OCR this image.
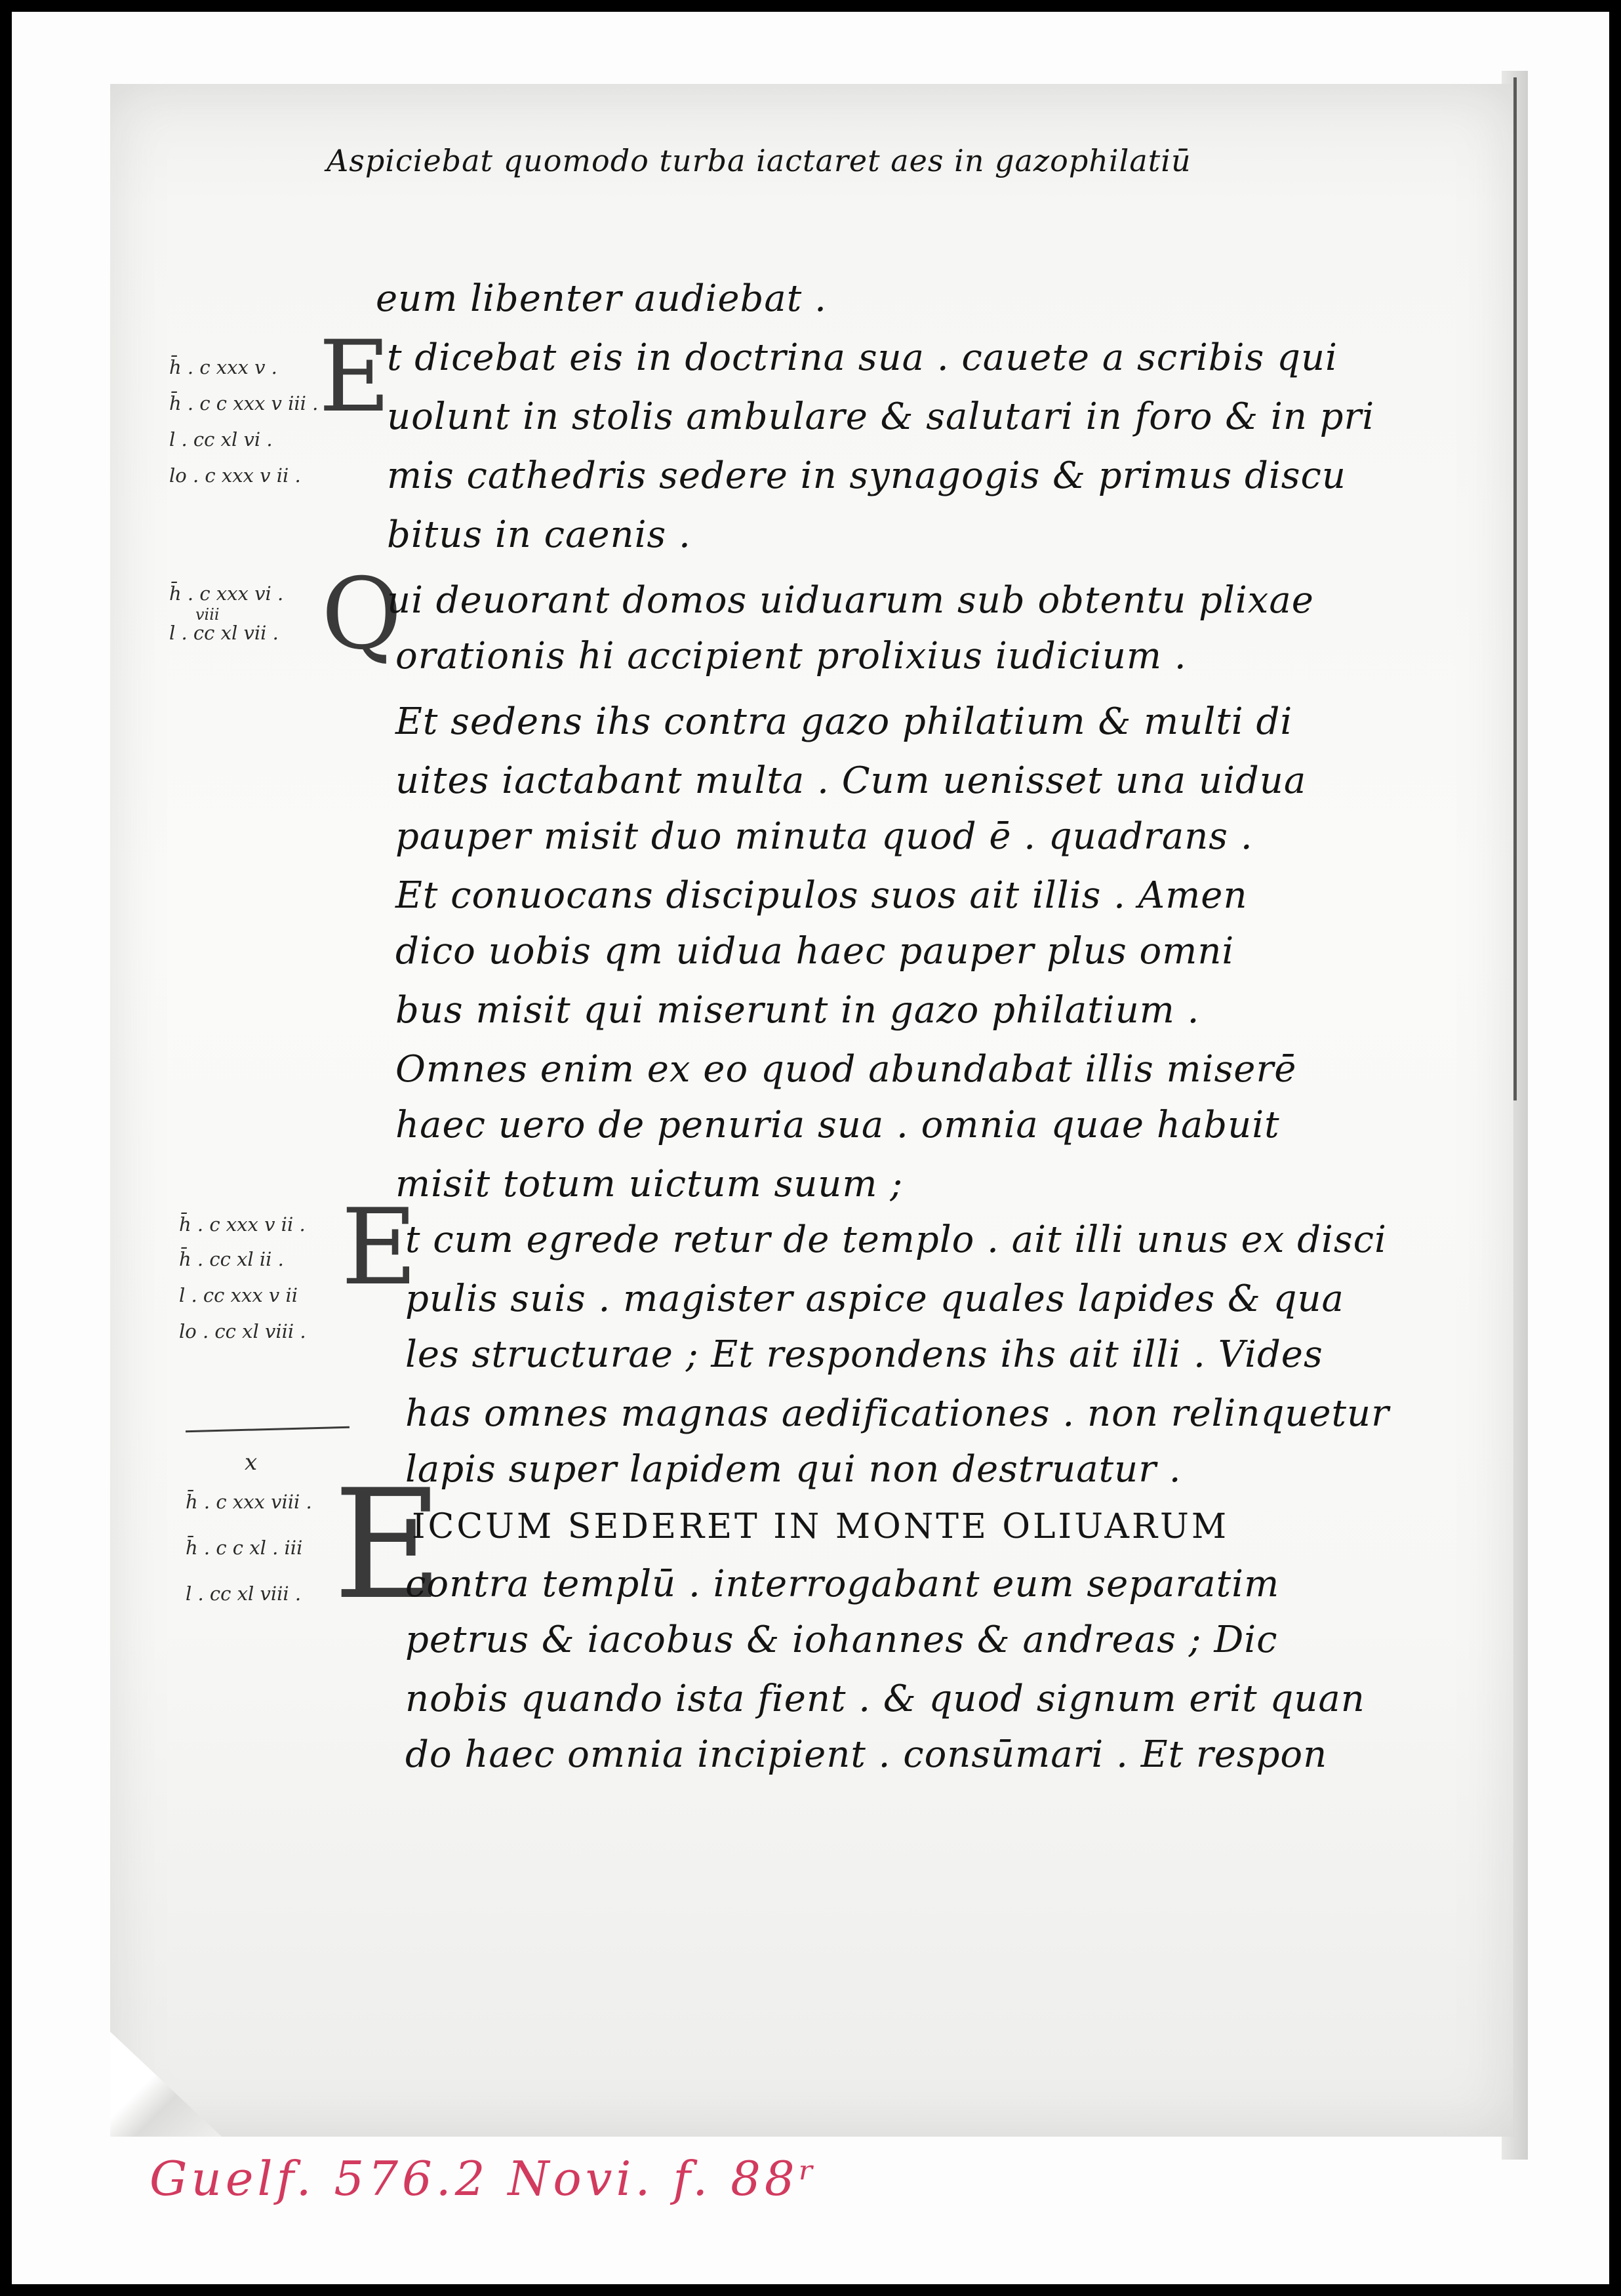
Aspiciebat quomodo turba iactaret aes in gazophilatiū

E

Q

E

E

eum libenter audiebat .

t dicebat eis in doctrina sua . cauete a scribis qui

uolunt in stolis ambulare & salutari in foro & in pri

mis cathedris sedere in synagogis & primus discu

bitus in caenis .

ui deuorant domos uiduarum sub obtentu plixae

orationis hi accipient prolixius iudicium .

Et sedens ihs contra gazo philatium & multi di

uites iactabant multa . Cum uenisset una uidua

pauper misit duo minuta quod ē . quadrans .

Et conuocans discipulos suos ait illis . Amen

dico uobis qm uidua haec pauper plus omni

bus misit qui miserunt in gazo philatium .

Omnes enim ex eo quod abundabat illis miserē

haec uero de penuria sua . omnia quae habuit

misit totum uictum suum ;

t cum egrede retur de templo . ait illi unus ex disci

pulis suis . magister aspice quales lapides & qua

les structurae ; Et respondens ihs ait illi . Vides

has omnes magnas aedificationes . non relinquetur

lapis super lapidem qui non destruatur .

ICCUM SEDERET IN MONTE OLIUARUM

contra templū . interrogabant eum separatim

petrus & iacobus & iohannes & andreas ; Dic

nobis quando ista fient . & quod signum erit quan

do haec omnia incipient . consūmari . Et respon

h̄ . c xxx v .

h̄ . c c xxx v iii .

l . cc xl vi .

lo . c xxx v ii .

h̄ . c xxx vi .

viii

l . cc xl vii .

h̄ . c xxx v ii .

h̄ . cc xl ii .

l . cc xxx v ii

lo . cc xl viii .

x

h̄ . c xxx viii .

h̄ . c c xl . iii

l . cc xl viii .

Guelf. 576.2 Novi. f. 88ʳ
